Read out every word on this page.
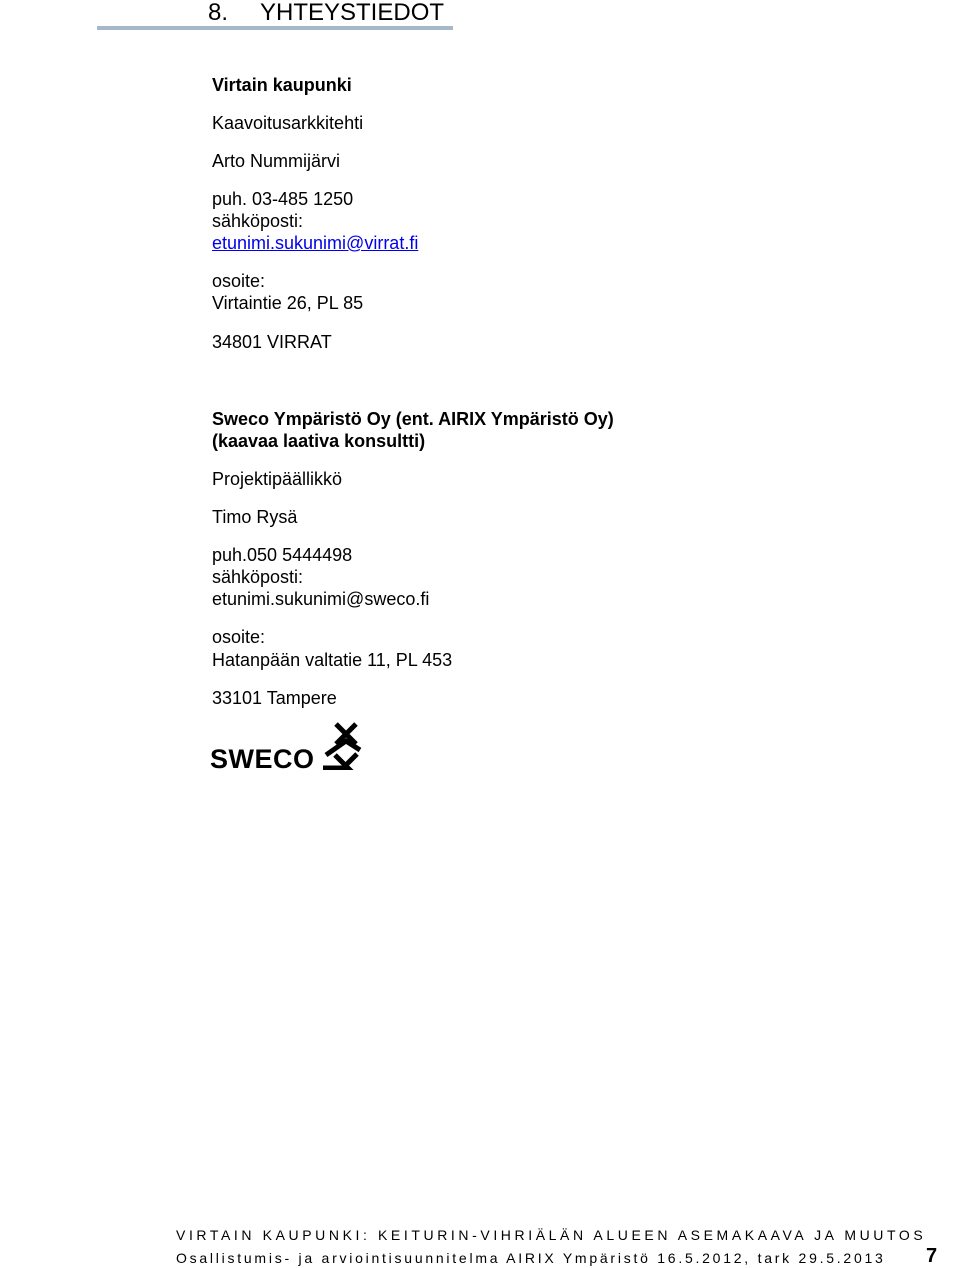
8. YHTEYSTIEDOT
Virtain kaupunki
Kaavoitusarkkitehti
Arto Nummijärvi
puh. 03-485 1250
sähköposti:
etunimi.sukunimi@virrat.fi
osoite:
Virtaintie 26, PL 85
34801 VIRRAT
Sweco Ympäristö Oy (ent. AIRIX Ympäristö Oy)
(kaavaa laativa konsultti)
Projektipäällikkö
Timo Rysä
puh.050 5444498
sähköposti:
etunimi.sukunimi@sweco.fi
osoite:
Hatanpään valtatie 11, PL 453
33101 Tampere
SWECO
VIRTAIN KAUPUNKI: KEITURIN-VIHRIÄLÄN ALUEEN ASEMAKAAVA JA MUUTOS
Osallistumis- ja arviointisuunnitelma AIRIX Ympäristö 16.5.2012, tark 29.5.2013 7
